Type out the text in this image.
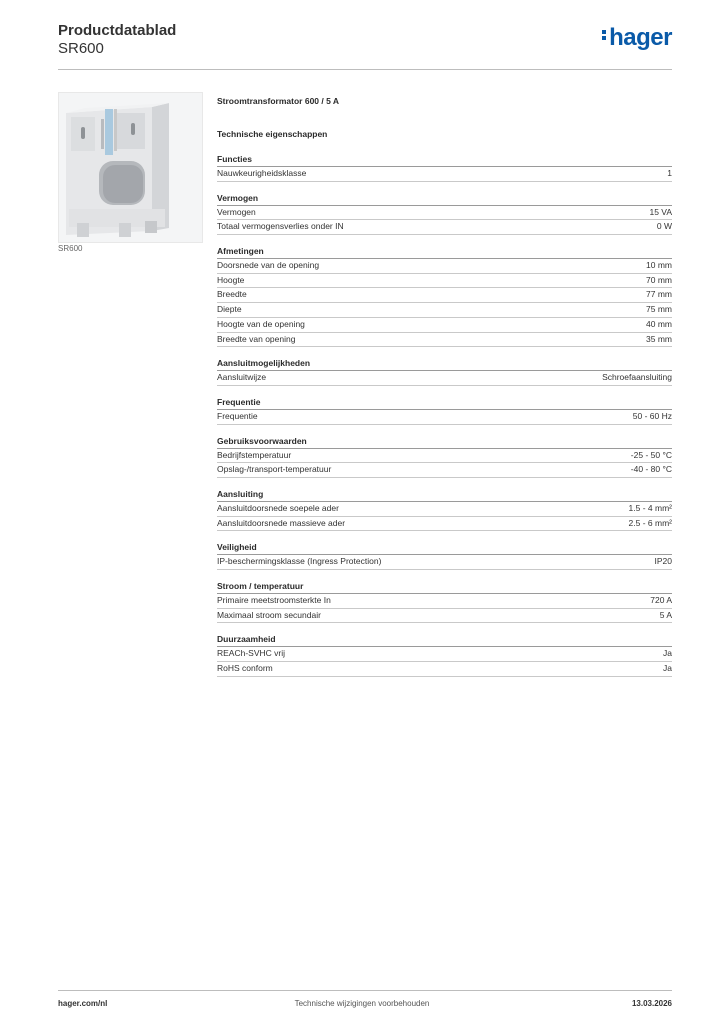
Productdatablad
SR600	hager
SR600
Stroomtransformator 600 / 5 A
Technische eigenschappen
Functies
Nauwkeurigheidsklasse	1
Vermogen
Vermogen	15 VA
Totaal vermogensverlies onder IN	0 W
Afmetingen
Doorsnede van de opening	10 mm
Hoogte	70 mm
Breedte	77 mm
Diepte	75 mm
Hoogte van de opening	40 mm
Breedte van opening	35 mm
Aansluitmogelijkheden
Aansluitwijze	Schroefaansluiting
Frequentie
Frequentie	50 - 60 Hz
Gebruiksvoorwaarden
Bedrijfstemperatuur	-25 - 50 °C
Opslag-/transport-temperatuur	-40 - 80 °C
Aansluiting
Aansluitdoorsnede soepele ader	1.5 - 4 mm²
Aansluitdoorsnede massieve ader	2.5 - 6 mm²
Veiligheid
IP-beschermingsklasse (Ingress Protection)	IP20
Stroom / temperatuur
Primaire meetstroomsterkte In	720 A
Maximaal stroom secundair	5 A
Duurzaamheid
REACh-SVHC vrij	Ja
RoHS conform	Ja
hager.com/nl	Technische wijzigingen voorbehouden	13.03.2026
